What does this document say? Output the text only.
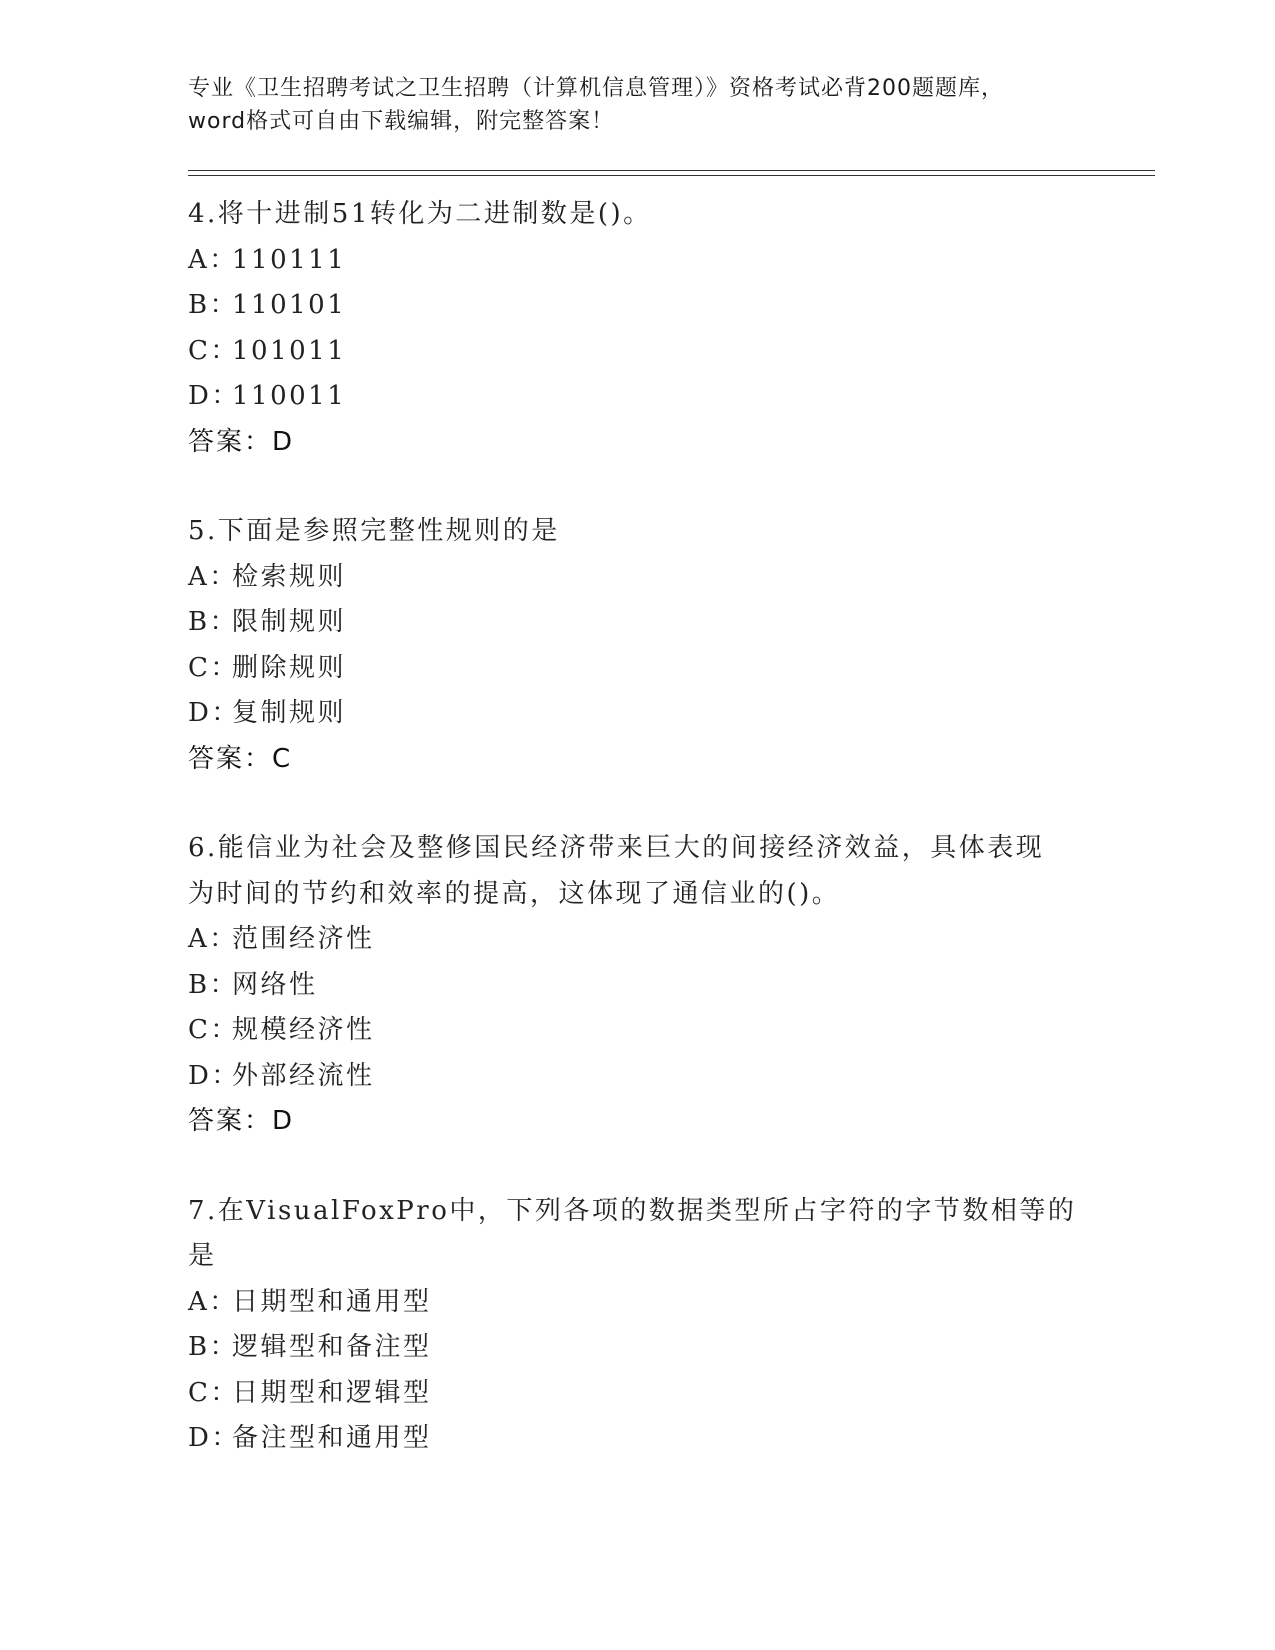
专业《卫生招聘考试之卫生招聘（计算机信息管理）》资格考试必背200题题库，
word格式可自由下载编辑，附完整答案！
4.将十进制51转化为二进制数是()。
A：110111
B：110101
C：101011
D：110011
答案：D
5.下面是参照完整性规则的是
A：检索规则
B：限制规则
C：删除规则
D：复制规则
答案：C
6.能信业为社会及整修国民经济带来巨大的间接经济效益，具体表现
为时间的节约和效率的提高，这体现了通信业的()。
A：范围经济性
B：网络性
C：规模经济性
D：外部经流性
答案：D
7.在VisualFoxPro中，下列各项的数据类型所占字符的字节数相等的
是
A：日期型和通用型
B：逻辑型和备注型
C：日期型和逻辑型
D：备注型和通用型
